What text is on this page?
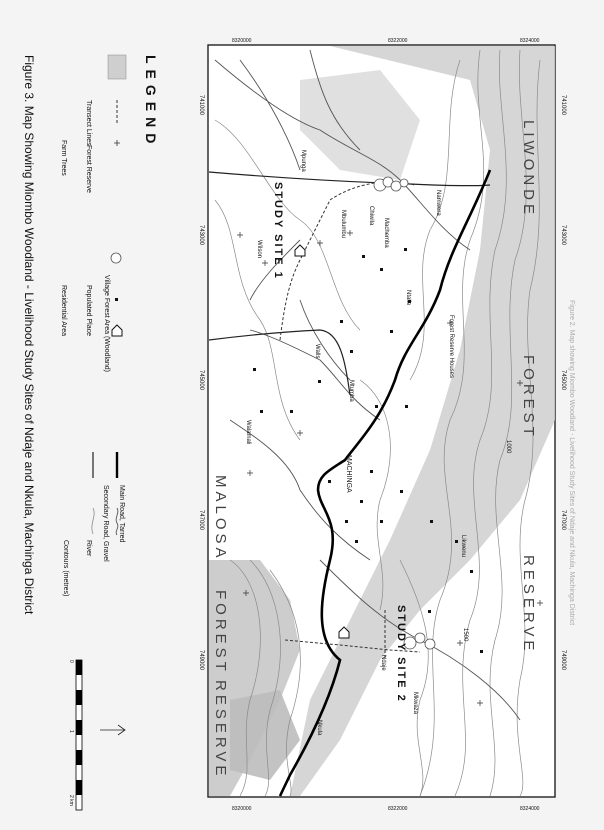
8320000	8322000	8324000
8320000	8322000	8324000
741000
743000
745000
747000
749000
741000
743000
745000
747000
749000
LIWONDE
FOREST
RESERVE
MALOSA
FOREST
RESERVE
STUDY SITE 1
STUDY SITE 2
MACHINGA
Ndaje
Nkula
Mkwaza
Chiwila
Mbulumbu	Machemba
Namwera
Wilson
Walls
Mtumba
Walamali
Mpunga
Ntalle
Forest Reserve Houses
Likwenu
1000
1500
LEGEND
Forest Reserve
Transect Lines
Farm Trees
Village Forest Area (Woodland)
Populated Place
Residential Area
Main Road, Tarred
Secondary Road, Gravel
River
Contours (metres)
0
1
2 km
Figure 3. Map Showing Miombo Woodland - Livelihood Study Sites of Ndaje and Nkula, Machinga District	Figure 2. Map showing Miombo Woodland - Livelihood Study Sites of Ndaje and Nkula, Machinga District
